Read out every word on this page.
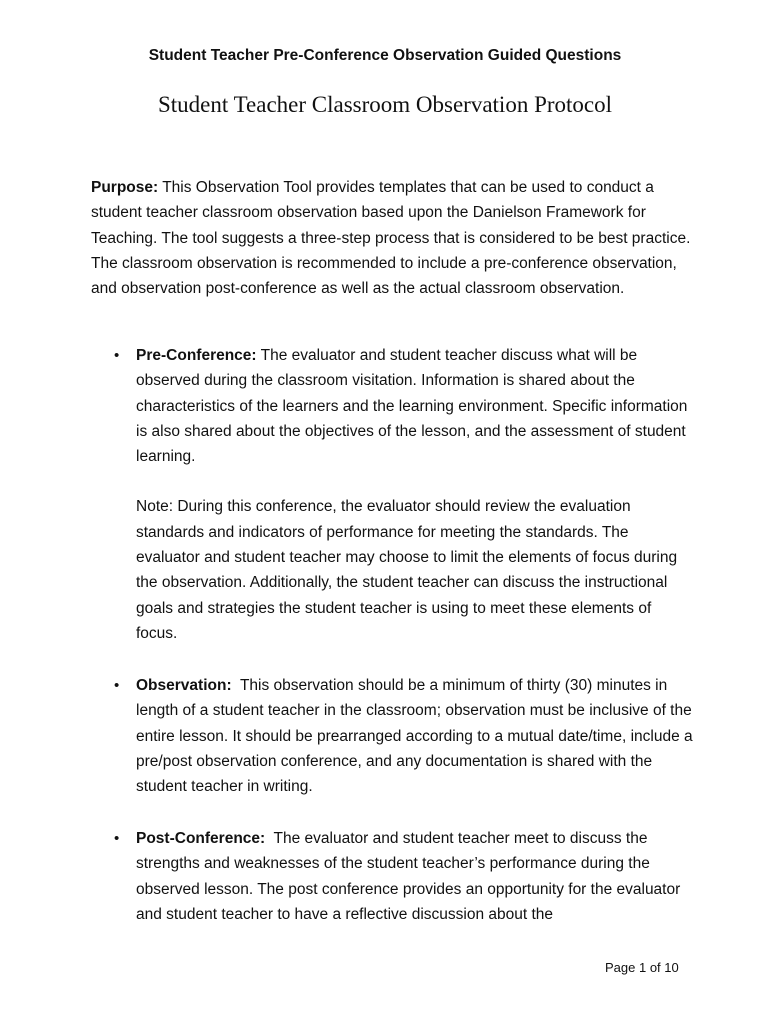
Student Teacher Pre-Conference Observation Guided Questions
Student Teacher Classroom Observation Protocol
Purpose: This Observation Tool provides templates that can be used to conduct a student teacher classroom observation based upon the Danielson Framework for Teaching. The tool suggests a three-step process that is considered to be best practice. The classroom observation is recommended to include a pre-conference observation, and observation post-conference as well as the actual classroom observation.
• Pre-Conference: The evaluator and student teacher discuss what will be observed during the classroom visitation. Information is shared about the characteristics of the learners and the learning environment. Specific information is also shared about the objectives of the lesson, and the assessment of student learning.
Note: During this conference, the evaluator should review the evaluation standards and indicators of performance for meeting the standards. The evaluator and student teacher may choose to limit the elements of focus during the observation. Additionally, the student teacher can discuss the instructional goals and strategies the student teacher is using to meet these elements of focus.
• Observation:  This observation should be a minimum of thirty (30) minutes in length of a student teacher in the classroom; observation must be inclusive of the entire lesson. It should be prearranged according to a mutual date/time, include a pre/post observation conference, and any documentation is shared with the student teacher in writing.
• Post-Conference:  The evaluator and student teacher meet to discuss the strengths and weaknesses of the student teacher’s performance during the observed lesson. The post conference provides an opportunity for the evaluator and student teacher to have a reflective discussion about the
Page 1 of 10
